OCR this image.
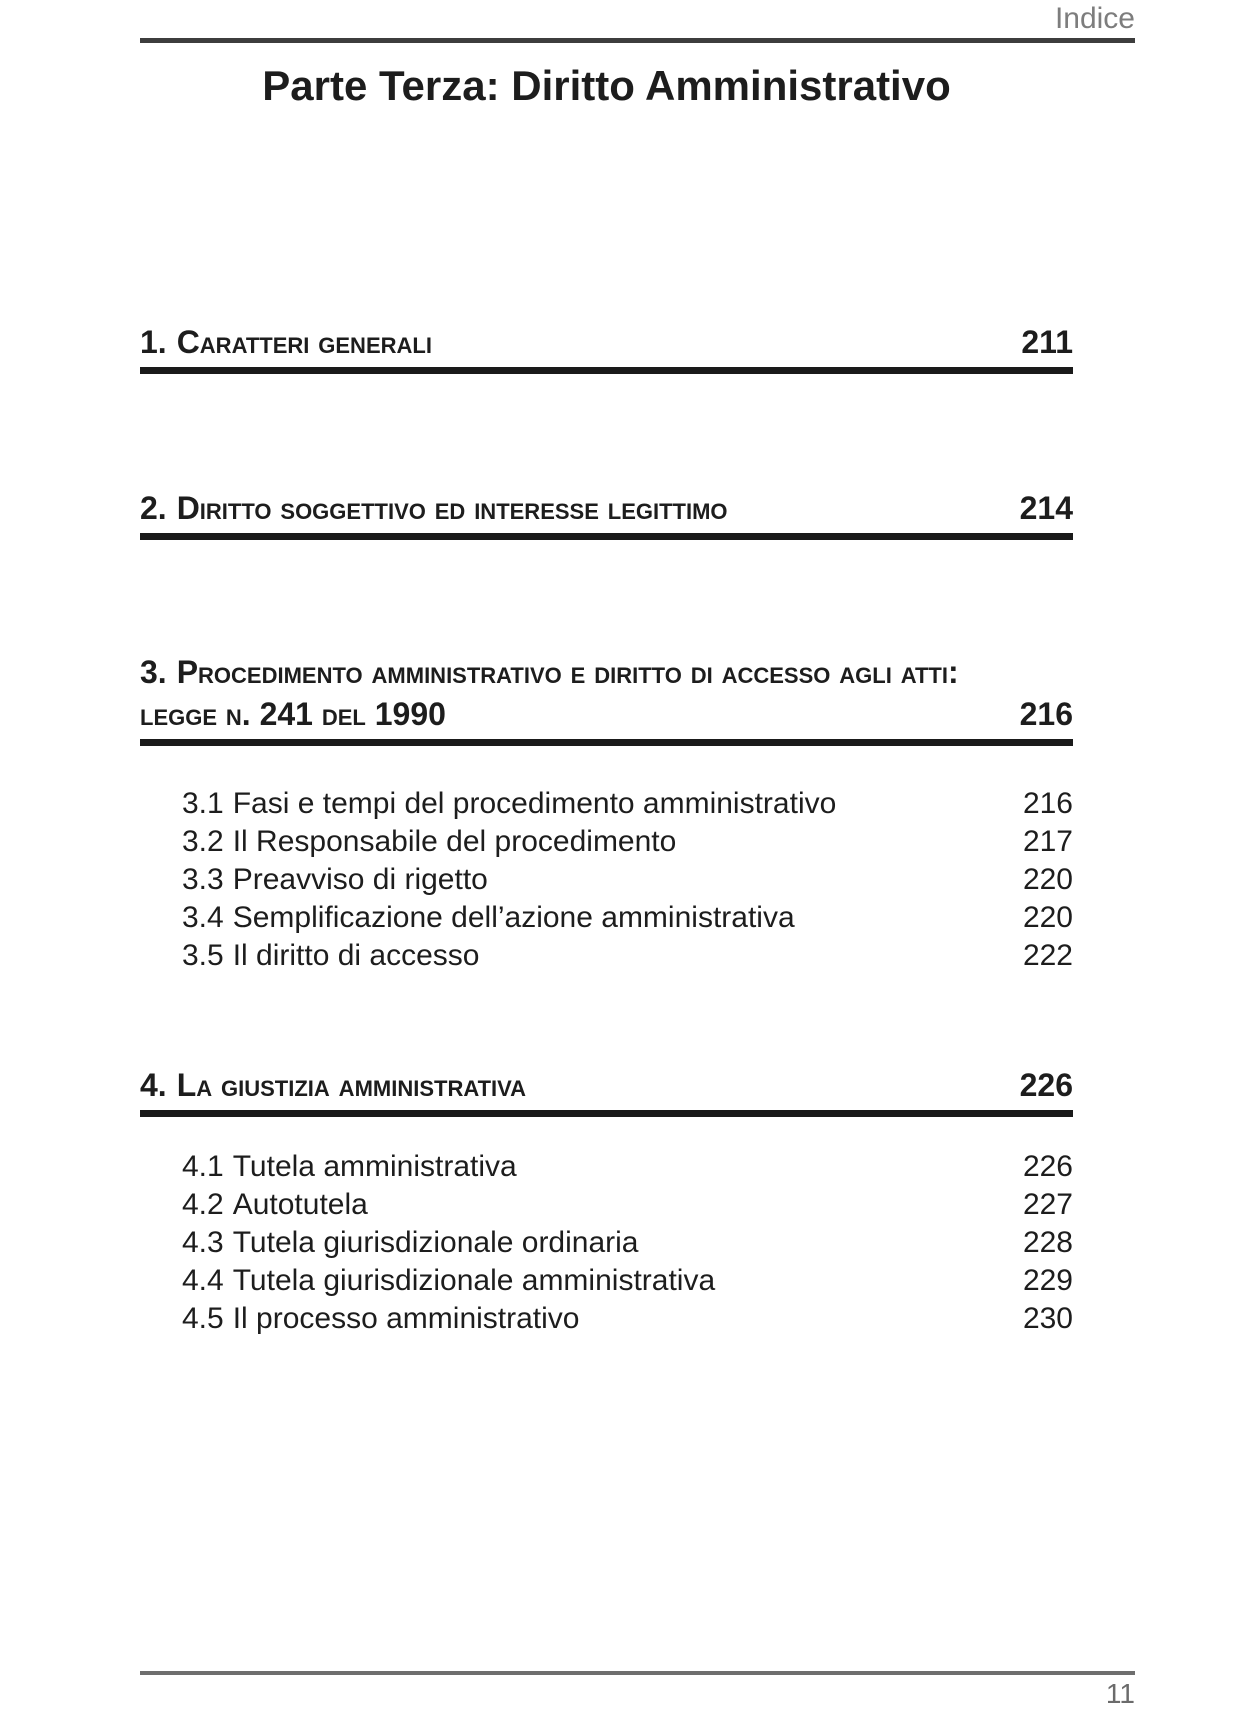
Indice
Parte Terza: Diritto Amministrativo
1. Caratteri generali	211
2. Diritto soggettivo ed interesse legittimo	214
3. Procedimento amministrativo e diritto di accesso agli atti:
legge n. 241 del 1990	216
3.1 Fasi e tempi del procedimento amministrativo	216
3.2 Il Responsabile del procedimento	217
3.3 Preavviso di rigetto	220
3.4 Semplificazione dell’azione amministrativa	220
3.5 Il diritto di accesso	222
4. La giustizia amministrativa	226
4.1 Tutela amministrativa	226
4.2 Autotutela	227
4.3 Tutela giurisdizionale ordinaria	228
4.4 Tutela giurisdizionale amministrativa	229
4.5 Il processo amministrativo	230
11
